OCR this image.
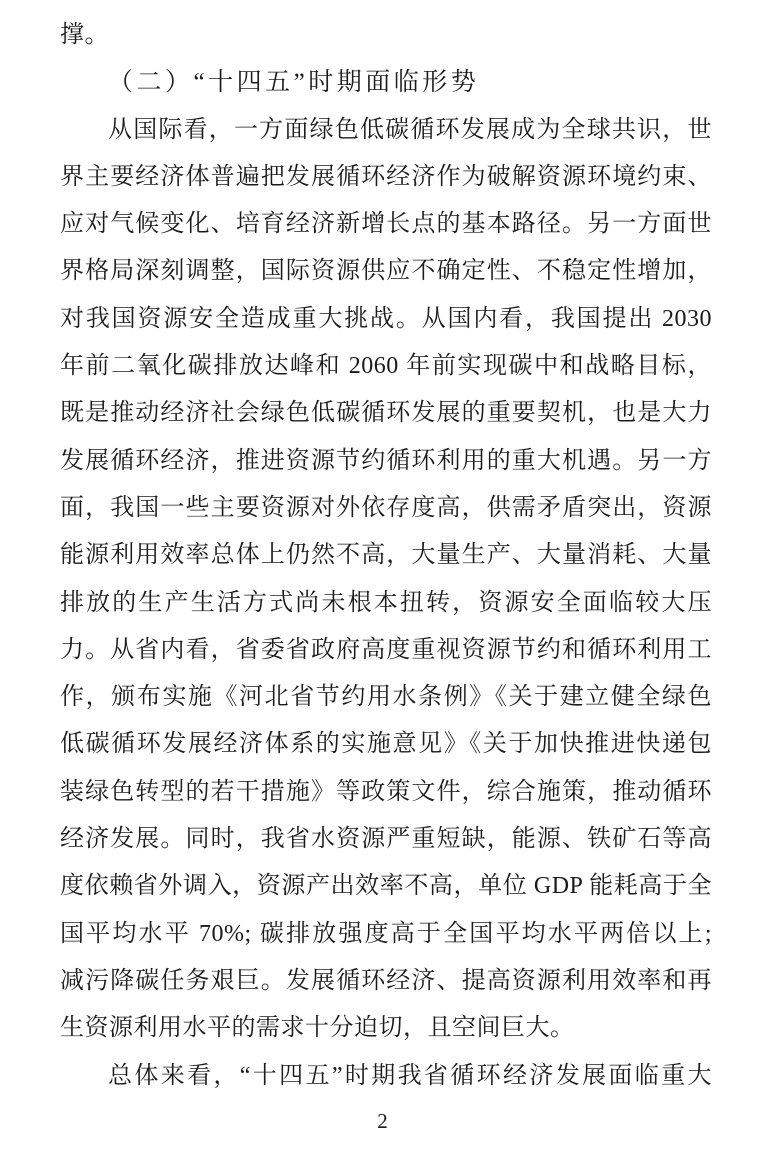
撑。
（二）“十四五”时期面临形势
从国际看，一方面绿色低碳循环发展成为全球共识，世
界主要经济体普遍把发展循环经济作为破解资源环境约束、
应对气候变化、培育经济新增长点的基本路径。另一方面世
界格局深刻调整，国际资源供应不确定性、不稳定性增加，
对我国资源安全造成重大挑战。从国内看，我国提出 2030
年前二氧化碳排放达峰和 2060 年前实现碳中和战略目标，
既是推动经济社会绿色低碳循环发展的重要契机，也是大力
发展循环经济，推进资源节约循环利用的重大机遇。另一方
面，我国一些主要资源对外依存度高，供需矛盾突出，资源
能源利用效率总体上仍然不高，大量生产、大量消耗、大量
排放的生产生活方式尚未根本扭转，资源安全面临较大压
力。从省内看，省委省政府高度重视资源节约和循环利用工
作，颁布实施《河北省节约用水条例》《关于建立健全绿色
低碳循环发展经济体系的实施意见》《关于加快推进快递包
装绿色转型的若干措施》等政策文件，综合施策，推动循环
经济发展。同时，我省水资源严重短缺，能源、铁矿石等高
度依赖省外调入，资源产出效率不高，单位 GDP 能耗高于全
国平均水平 70%; 碳排放强度高于全国平均水平两倍以上;
减污降碳任务艰巨。发展循环经济、提高资源利用效率和再
生资源利用水平的需求十分迫切，且空间巨大。
总体来看，“十四五”时期我省循环经济发展面临重大
2
